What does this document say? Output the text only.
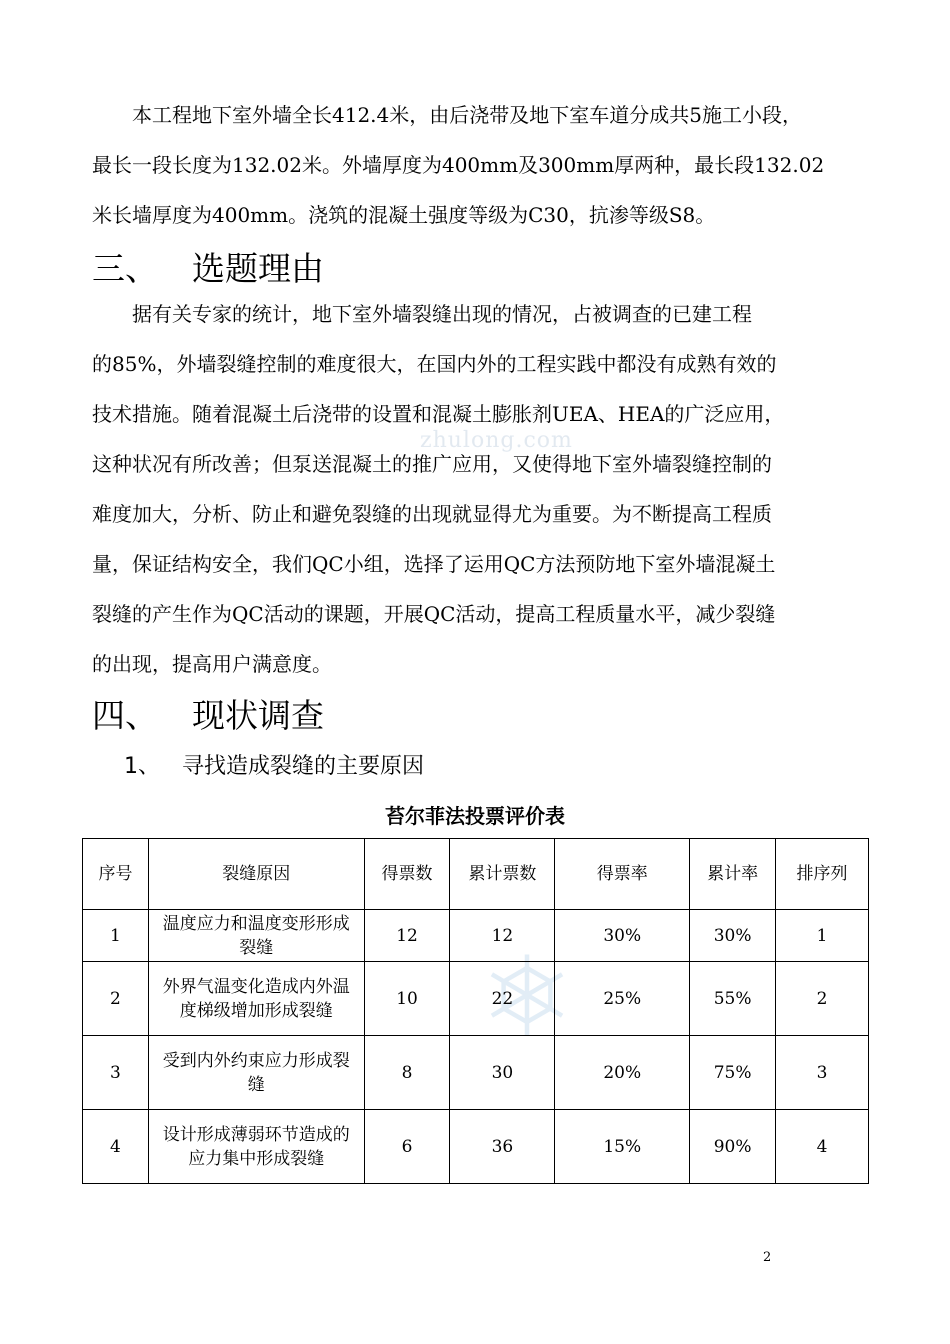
　　本工程地下室外墙全长412.4米，由后浇带及地下室车道分成共5施工小段，
最长一段长度为132.02米。外墙厚度为400mm及300mm厚两种，最长段132.02
米长墙厚度为400mm。浇筑的混凝土强度等级为C30，抗渗等级S8。

三、 选题理由
zhulong.com

　　据有关专家的统计，地下室外墙裂缝出现的情况，占被调查的已建工程
的85%，外墙裂缝控制的难度很大，在国内外的工程实践中都没有成熟有效的
技术措施。随着混凝土后浇带的设置和混凝土膨胀剂UEA、HEA的广泛应用，
这种状况有所改善；但泵送混凝土的推广应用，又使得地下室外墙裂缝控制的
难度加大，分析、防止和避免裂缝的出现就显得尤为重要。为不断提高工程质
量，保证结构安全，我们QC小组，选择了运用QC方法预防地下室外墙混凝土
裂缝的产生作为QC活动的课题，开展QC活动，提高工程质量水平，减少裂缝
的出现，提高用户满意度。

四、 现状调查
1、 寻找造成裂缝的主要原因

苔尔菲法投票评价表

序号	裂缝原因	得票数	累计票数	得票率	累计率	排序列
1	温度应力和温度变形形成裂缝	12	12	30%	30%	1
2	外界气温变化造成内外温度梯级增加形成裂缝	10	22	25%	55%	2
3	受到内外约束应力形成裂缝	8	30	20%	75%	3
4	设计形成薄弱环节造成的应力集中形成裂缝	6	36	15%	90%	4
2
